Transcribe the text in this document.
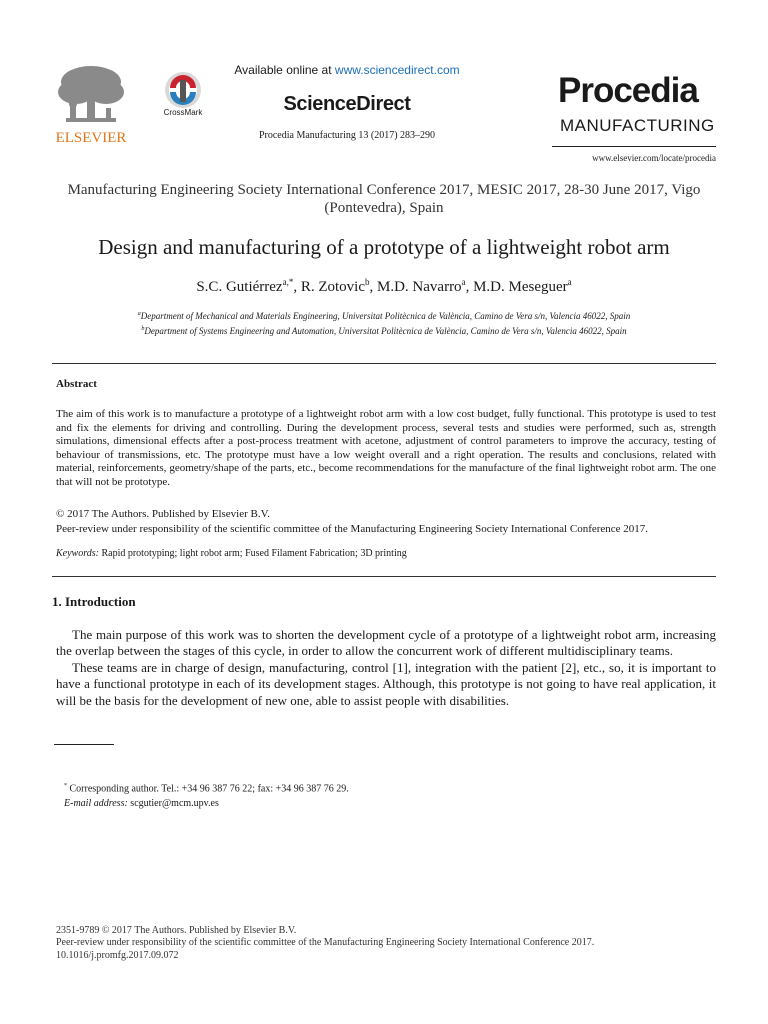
ELSEVIER
CrossMark
Available online at www.sciencedirect.com
ScienceDirect
Procedia Manufacturing 13 (2017) 283–290
Procedia
MANUFACTURING
www.elsevier.com/locate/procedia
Manufacturing Engineering Society International Conference 2017, MESIC 2017, 28-30 June 2017, Vigo (Pontevedra), Spain
Design and manufacturing of a prototype of a lightweight robot arm
S.C. Gutiérrez$^{a,*}$, R. Zotovic$^b$, M.D. Navarro$^a$, M.D. Meseguer$^a$
$^a$Department of Mechanical and Materials Engineering, Universitat Politècnica de València, Camino de Vera s/n, Valencia 46022, Spain
$^b$Department of Systems Engineering and Automation, Universitat Politècnica de València, Camino de Vera s/n, Valencia 46022, Spain
Abstract
The aim of this work is to manufacture a prototype of a lightweight robot arm with a low cost budget, fully functional. This prototype is used to test and fix the elements for driving and controlling. During the development process, several tests and studies were performed, such as, strength simulations, dimensional effects after a post-process treatment with acetone, adjustment of control parameters to improve the accuracy, testing of behaviour of transmissions, etc. The prototype must have a low weight overall and a right operation. The results and conclusions, related with material, reinforcements, geometry/shape of the parts, etc., become recommendations for the manufacture of the final lightweight robot arm. The one that will not be prototype.
© 2017 The Authors. Published by Elsevier B.V.
Peer-review under responsibility of the scientific committee of the Manufacturing Engineering Society International Conference 2017.
Keywords: Rapid prototyping; light robot arm; Fused Filament Fabrication; 3D printing
1. Introduction

The main purpose of this work was to shorten the development cycle of a prototype of a lightweight robot arm, increasing the overlap between the stages of this cycle, in order to allow the concurrent work of different multidisciplinary teams.

These teams are in charge of design, manufacturing, control [1], integration with the patient [2], etc., so, it is important to have a functional prototype in each of its development stages. Although, this prototype is not going to have real application, it will be the basis for the development of new one, able to assist people with disabilities.

* Corresponding author. Tel.: +34 96 387 76 22; fax: +34 96 387 76 29.
E-mail address: scgutier@mcm.upv.es
2351-9789 © 2017 The Authors. Published by Elsevier B.V.
Peer-review under responsibility of the scientific committee of the Manufacturing Engineering Society International Conference 2017.
10.1016/j.promfg.2017.09.072
